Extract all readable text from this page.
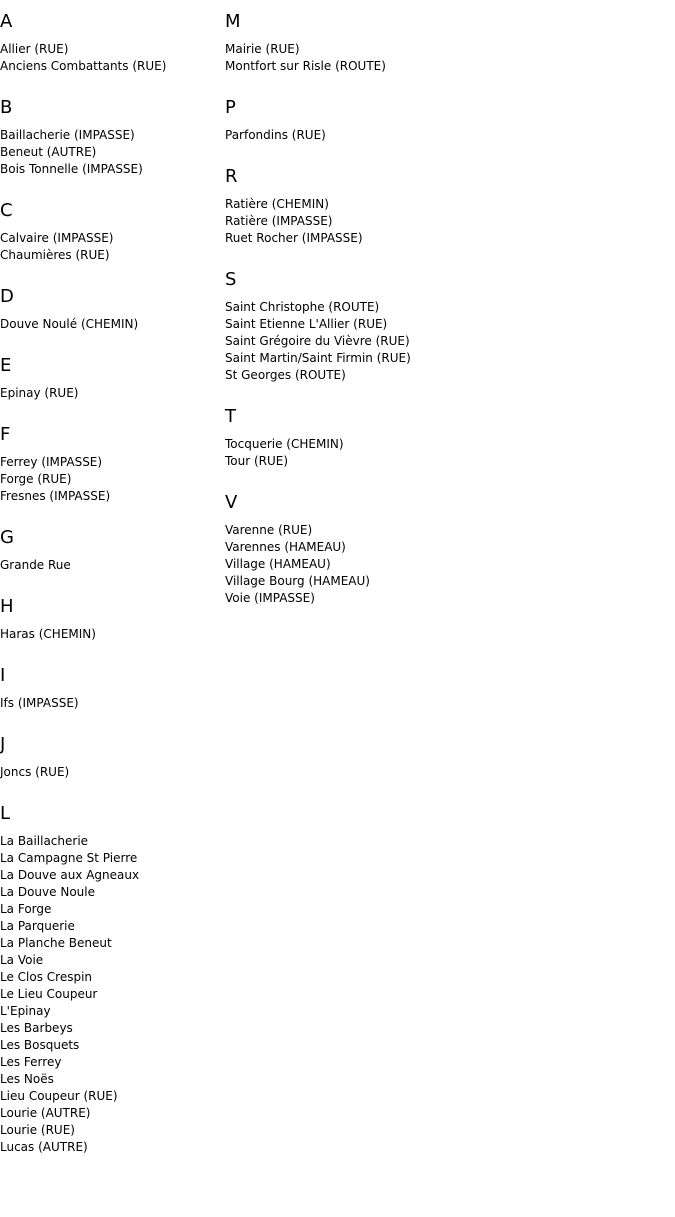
A
Allier (RUE)
Anciens Combattants (RUE)
B
Baillacherie (IMPASSE)
Beneut (AUTRE)
Bois Tonnelle (IMPASSE)
C
Calvaire (IMPASSE)
Chaumières (RUE)
D
Douve Noulé (CHEMIN)
E
Epinay (RUE)
F
Ferrey (IMPASSE)
Forge (RUE)
Fresnes (IMPASSE)
G
Grande Rue
H
Haras (CHEMIN)
I
Ifs (IMPASSE)
J
Joncs (RUE)
L
La Baillacherie
La Campagne St Pierre
La Douve aux Agneaux
La Douve Noule
La Forge
La Parquerie
La Planche Beneut
La Voie
Le Clos Crespin
Le Lieu Coupeur
L'Epinay
Les Barbeys
Les Bosquets
Les Ferrey
Les Noës
Lieu Coupeur (RUE)
Lourie (AUTRE)
Lourie (RUE)
Lucas (AUTRE)
M
Mairie (RUE)
Montfort sur Risle (ROUTE)
P
Parfondins (RUE)
R
Ratière (CHEMIN)
Ratière (IMPASSE)
Ruet Rocher (IMPASSE)
S
Saint Christophe (ROUTE)
Saint Etienne L'Allier (RUE)
Saint Grégoire du Vièvre (RUE)
Saint Martin/Saint Firmin (RUE)
St Georges (ROUTE)
T
Tocquerie (CHEMIN)
Tour (RUE)
V
Varenne (RUE)
Varennes (HAMEAU)
Village (HAMEAU)
Village Bourg (HAMEAU)
Voie (IMPASSE)
